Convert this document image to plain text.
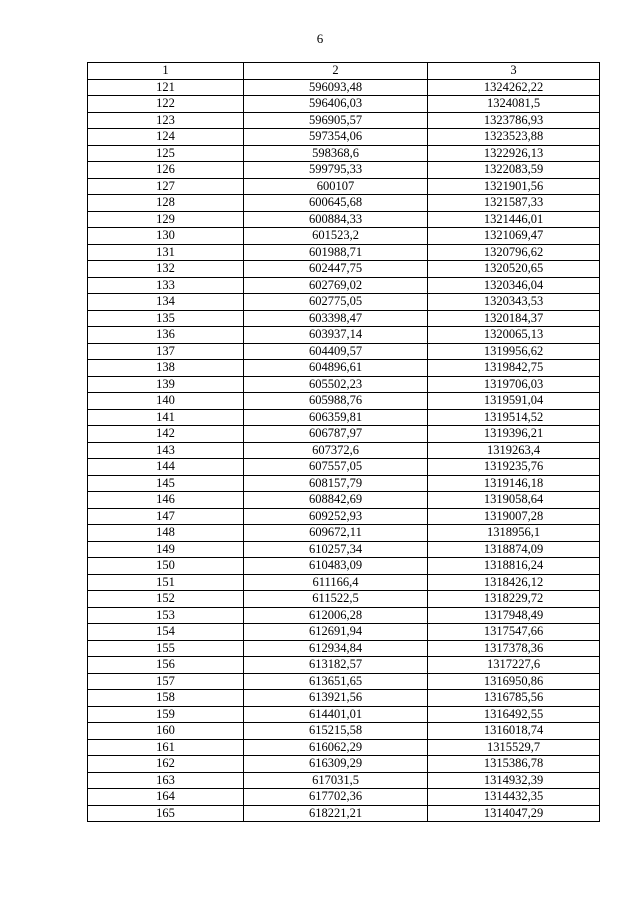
6
1	2	3
121	596093,48	1324262,22
122	596406,03	1324081,5
123	596905,57	1323786,93
124	597354,06	1323523,88
125	598368,6	1322926,13
126	599795,33	1322083,59
127	600107	1321901,56
128	600645,68	1321587,33
129	600884,33	1321446,01
130	601523,2	1321069,47
131	601988,71	1320796,62
132	602447,75	1320520,65
133	602769,02	1320346,04
134	602775,05	1320343,53
135	603398,47	1320184,37
136	603937,14	1320065,13
137	604409,57	1319956,62
138	604896,61	1319842,75
139	605502,23	1319706,03
140	605988,76	1319591,04
141	606359,81	1319514,52
142	606787,97	1319396,21
143	607372,6	1319263,4
144	607557,05	1319235,76
145	608157,79	1319146,18
146	608842,69	1319058,64
147	609252,93	1319007,28
148	609672,11	1318956,1
149	610257,34	1318874,09
150	610483,09	1318816,24
151	611166,4	1318426,12
152	611522,5	1318229,72
153	612006,28	1317948,49
154	612691,94	1317547,66
155	612934,84	1317378,36
156	613182,57	1317227,6
157	613651,65	1316950,86
158	613921,56	1316785,56
159	614401,01	1316492,55
160	615215,58	1316018,74
161	616062,29	1315529,7
162	616309,29	1315386,78
163	617031,5	1314932,39
164	617702,36	1314432,35
165	618221,21	1314047,29
